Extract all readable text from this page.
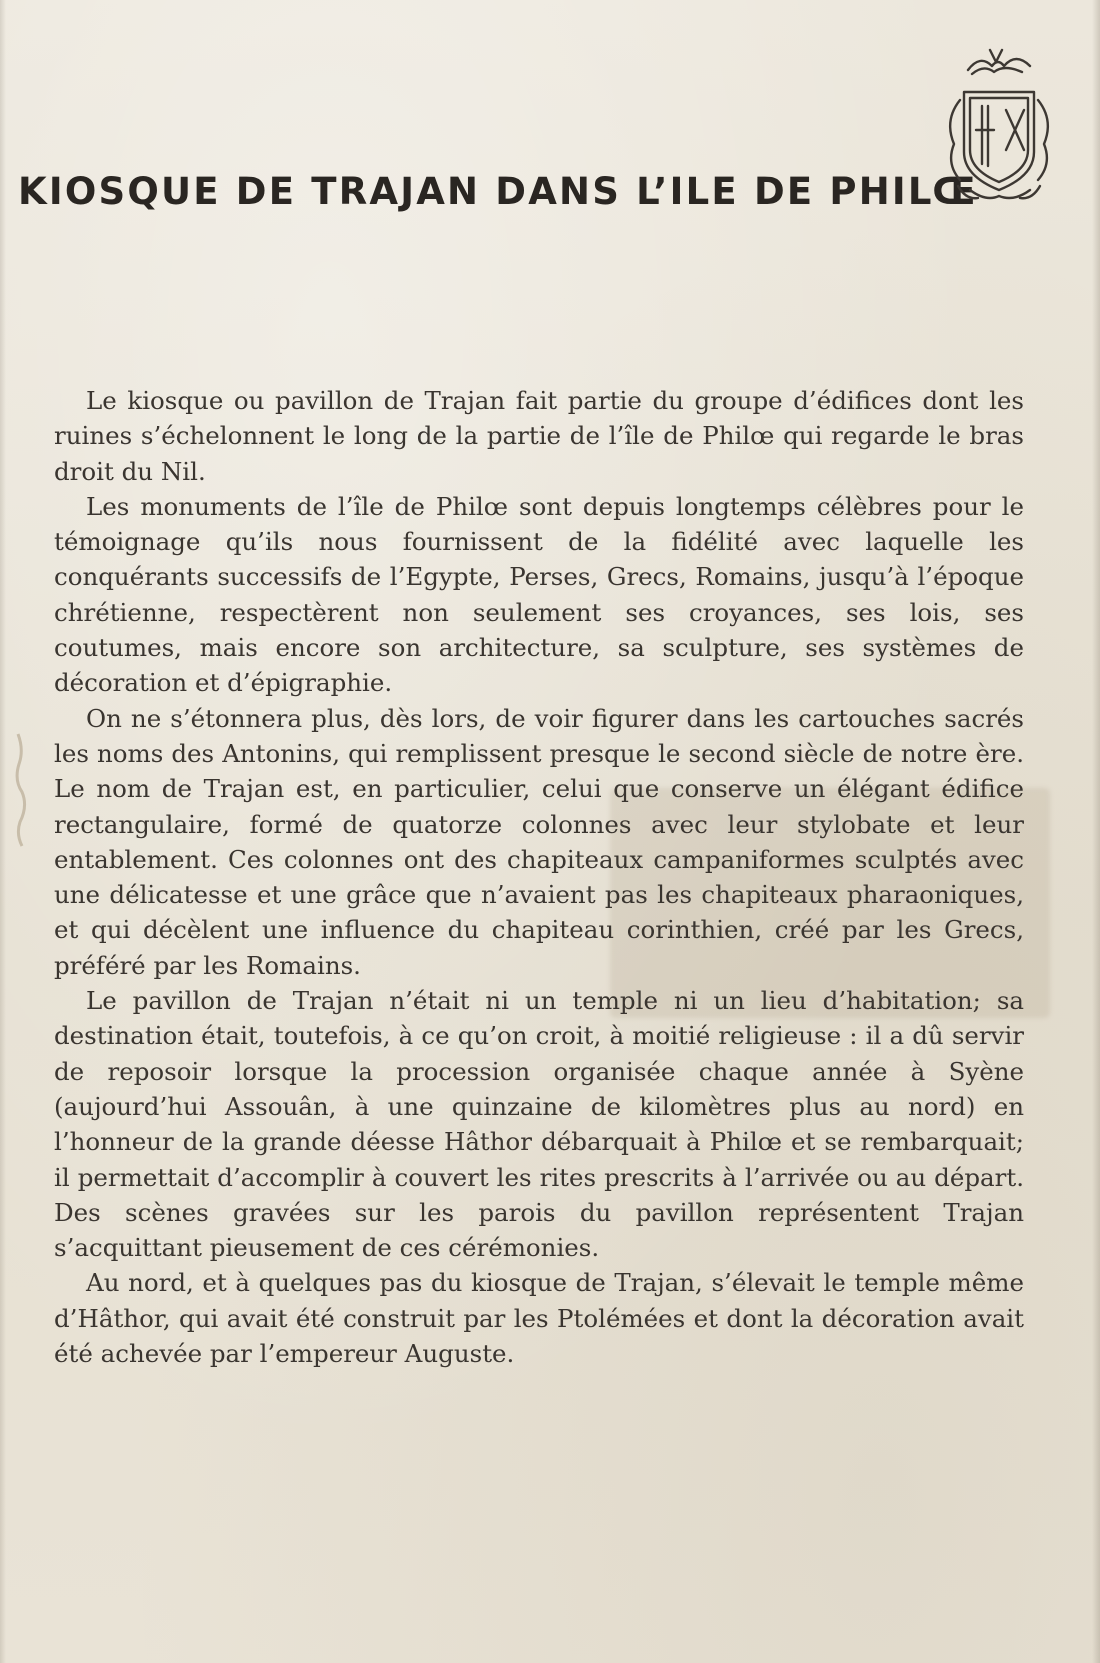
KIOSQUE DE TRAJAN DANS L’ILE DE PHILŒ

Le kiosque ou pavillon de Trajan fait partie du groupe d’édifices dont les ruines s’échelonnent le long de la partie de l’île de Philœ qui regarde le bras droit du Nil.

Les monuments de l’île de Philœ sont depuis longtemps célèbres pour le témoignage qu’ils nous fournissent de la fidélité avec laquelle les conquérants successifs de l’Egypte, Perses, Grecs, Romains, jusqu’à l’époque chrétienne, respectèrent non seulement ses croyances, ses lois, ses coutumes, mais encore son architecture, sa sculpture, ses systèmes de décoration et d’épigraphie.

On ne s’étonnera plus, dès lors, de voir figurer dans les cartouches sacrés les noms des Antonins, qui remplissent presque le second siècle de notre ère. Le nom de Trajan est, en particulier, celui que conserve un élégant édifice rectangulaire, formé de quatorze colonnes avec leur stylobate et leur entablement. Ces colonnes ont des chapiteaux campaniformes sculptés avec une délicatesse et une grâce que n’avaient pas les chapiteaux pharaoniques, et qui décèlent une influence du chapiteau corinthien, créé par les Grecs, préféré par les Romains.

Le pavillon de Trajan n’était ni un temple ni un lieu d’habitation; sa destination était, toutefois, à ce qu’on croit, à moitié religieuse : il a dû servir de reposoir lorsque la procession organisée chaque année à Syène (aujourd’hui Assouân, à une quinzaine de kilomètres plus au nord) en l’honneur de la grande déesse Hâthor débarquait à Philœ et se rembarquait; il permettait d’accomplir à couvert les rites prescrits à l’arrivée ou au départ. Des scènes gravées sur les parois du pavillon représentent Trajan s’acquittant pieusement de ces cérémonies.

Au nord, et à quelques pas du kiosque de Trajan, s’élevait le temple même d’Hâthor, qui avait été construit par les Ptolémées et dont la décoration avait été achevée par l’empereur Auguste.
